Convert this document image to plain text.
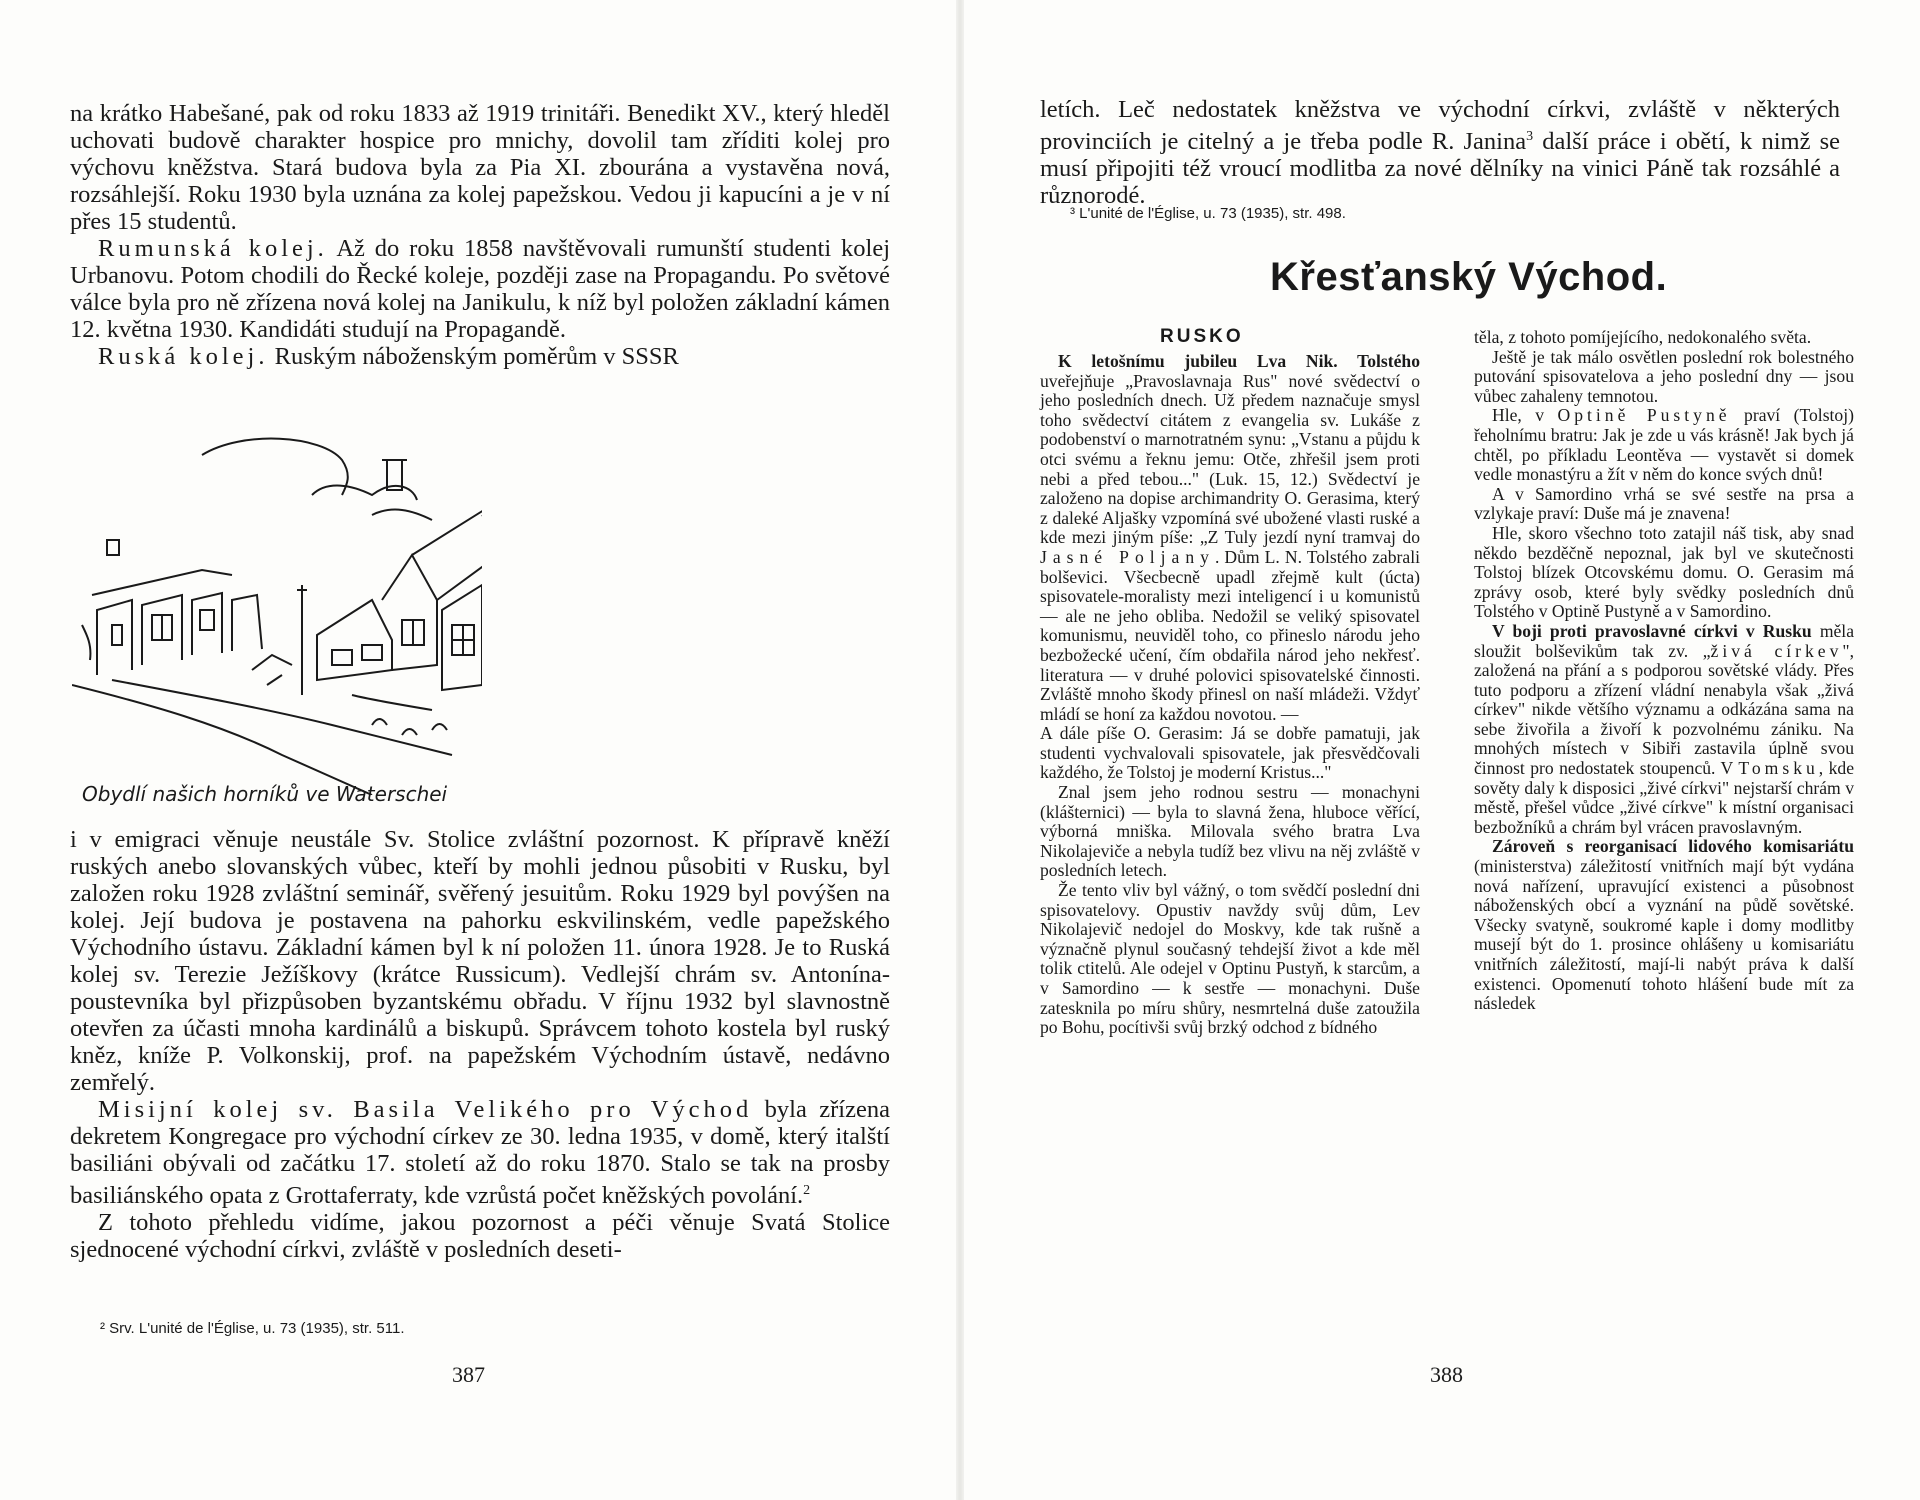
na krátko Habešané, pak od roku 1833 až 1919 trinitáři. Benedikt XV., který hleděl uchovati budově charakter hospice pro mnichy, dovolil tam zříditi kolej pro výchovu kněžstva. Stará budova byla za Pia XI. zbourána a vystavěna nová, rozsáhlejší. Roku 1930 byla uznána za kolej papežskou. Vedou ji kapucíni a je v ní přes 15 studentů.

Rumunská kolej. Až do roku 1858 navštěvovali rumunští studenti kolej Urbanovu. Potom chodili do Řecké koleje, později zase na Propagandu. Po světové válce byla pro ně zřízena nová kolej na Janikulu, k níž byl položen základní kámen 12. května 1930. Kandidáti studují na Propagandě.

Ruská kolej. Ruským náboženským poměrům v SSSR

Obydlí našich horníků ve Waterschei

i v emigraci věnuje neustále Sv. Stolice zvláštní pozornost. K přípravě kněží ruských anebo slovanských vůbec, kteří by mohli jednou působiti v Rusku, byl založen roku 1928 zvláštní seminář, svěřený jesuitům. Roku 1929 byl povýšen na kolej. Její budova je postavena na pahorku eskvilinském, vedle papežského Východního ústavu. Základní kámen byl k ní položen 11. února 1928. Je to Ruská kolej sv. Terezie Ježíškovy (krátce Russicum). Vedlejší chrám sv. Antonína-poustevníka byl přizpůsoben byzantskému obřadu. V říjnu 1932 byl slavnostně otevřen za účasti mnoha kardinálů a biskupů. Správcem tohoto kostela byl ruský kněz, kníže P. Volkonskij, prof. na papežském Východním ústavě, nedávno zemřelý.

Misijní kolej sv. Basila Velikého pro Východ byla zřízena dekretem Kongregace pro východní církev ze 30. ledna 1935, v domě, který italští basiliáni obývali od začátku 17. století až do roku 1870. Stalo se tak na prosby basiliánského opata z Grottaferraty, kde vzrůstá počet kněžských povolání.$^2$

Z tohoto přehledu vidíme, jakou pozornost a péči věnuje Svatá Stolice sjednocené východní církvi, zvláště v posledních deseti-

² Srv. L'unité de l'Église, u. 73 (1935), str. 511.
387

letích. Leč nedostatek kněžstva ve východní církvi, zvláště v některých provinciích je citelný a je třeba podle R. Janina$^3$ další práce i obětí, k nimž se musí připojiti též vroucí modlitba za nové dělníky na vinici Páně tak rozsáhlé a různorodé.

³ L'unité de l'Église, u. 73 (1935), str. 498.
Křesťanský Východ.
RUSKO

K letošnímu jubileu Lva Nik. Tolstého uveřejňuje „Pravoslavnaja Rus" nové svědectví o jeho posledních dnech. Už předem naznačuje smysl toho svědectví citátem z evangelia sv. Lukáše z podobenství o marnotratném synu: „Vstanu a půjdu k otci svému a řeknu jemu: Otče, zhřešil jsem proti nebi a před tebou..." (Luk. 15, 12.) Svědectví je založeno na dopise archimandrity O. Gerasima, který z daleké Aljašky vzpomíná své ubožené vlasti ruské a kde mezi jiným píše: „Z Tuly jezdí nyní tramvaj do Jasné Poljany. Dům L. N. Tolstého zabrali bolševici. Všecbecně upadl zřejmě kult (úcta) spisovatele-moralisty mezi inteligencí i u komunistů — ale ne jeho obliba. Nedožil se veliký spisovatel komunismu, neuviděl toho, co přineslo národu jeho bezbožecké učení, čím obdařila národ jeho nekřesť. literatura — v druhé polovici spisovatelské činnosti. Zvláště mnoho škody přinesl on naší mládeži. Vždyť mládí se honí za každou novotou. —

A dále píše O. Gerasim: Já se dobře pamatuji, jak studenti vychvalovali spisovatele, jak přesvědčovali každého, že Tolstoj je moderní Kristus..."

Znal jsem jeho rodnou sestru — monachyni (klášternici) — byla to slavná žena, hluboce věřící, výborná mniška. Milovala svého bratra Lva Nikolajeviče a nebyla tudíž bez vlivu na něj zvláště v posledních letech.

Že tento vliv byl vážný, o tom svědčí poslední dni spisovatelovy. Opustiv navždy svůj dům, Lev Nikolajevič nedojel do Moskvy, kde tak rušně a význačně plynul současný tehdejší život a kde měl tolik ctitelů. Ale odejel v Optinu Pustyň, k starcům, a v Samordino — k sestře — monachyni. Duše zatesknila po míru shůry, nesmrtelná duše zatoužila po Bohu, pocítivši svůj brzký odchod z bídného

těla, z tohoto pomíjejícího, nedokonalého světa.

Ještě je tak málo osvětlen poslední rok bolestného putování spisovatelova a jeho poslední dny — jsou vůbec zahaleny temnotou.

Hle, v Optině Pustyně praví (Tolstoj) řeholnímu bratru: Jak je zde u vás krásně! Jak bych já chtěl, po příkladu Leontěva — vystavět si domek vedle monastýru a žít v něm do konce svých dnů!

A v Samordino vrhá se své sestře na prsa a vzlykaje praví: Duše má je znavena!

Hle, skoro všechno toto zatajil náš tisk, aby snad někdo bezděčně nepoznal, jak byl ve skutečnosti Tolstoj blízek Otcovskému domu. O. Gerasim má zprávy osob, které byly svědky posledních dnů Tolstého v Optině Pustyně a v Samordino.

V boji proti pravoslavné církvi v Rusku měla sloužit bolševikům tak zv. „živá církev", založená na přání a s podporou sovětské vlády. Přes tuto podporu a zřízení vládní nenabyla však „živá církev" nikde většího významu a odkázána sama na sebe živořila a živoří k pozvolnému zániku. Na mnohých místech v Sibiři zastavila úplně svou činnost pro nedostatek stoupenců. V Tomsku, kde sověty daly k disposici „živé církvi" nejstarší chrám v městě, přešel vůdce „živé církve" k místní organisaci bezbožníků a chrám byl vrácen pravoslavným.

Zároveň s reorganisací lidového komisariátu (ministerstva) záležitostí vnitřních mají být vydána nová nařízení, upravující existenci a působnost náboženských obcí a vyznání na půdě sovětské. Všecky svatyně, soukromé kaple i domy modlitby musejí být do 1. prosince ohlášeny u komisariátu vnitřních záležitostí, mají-li nabýt práva k další existenci. Opomenutí tohoto hlášení bude mít za následek

388
